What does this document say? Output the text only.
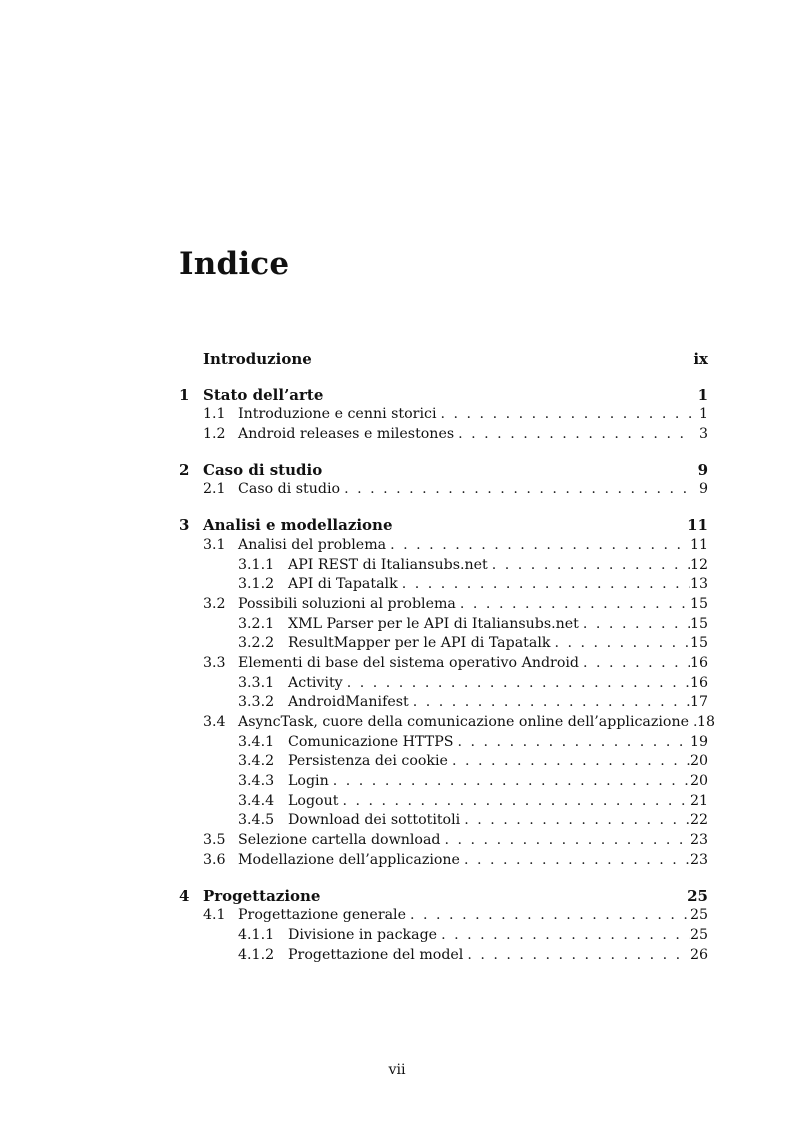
Indice
Introduzione	ix
1 Stato dell’arte	1
1.1 Introduzione e cenni storici . . .	1
1.2 Android releases e milestones . . .	3
2 Caso di studio	9
2.1 Caso di studio . . .	9
3 Analisi e modellazione	11
3.1 Analisi del problema . . .	11
3.1.1 API REST di Italiansubs.net . . .	12
3.1.2 API di Tapatalk . . .	13
3.2 Possibili soluzioni al problema . . .	15
3.2.1 XML Parser per le API di Italiansubs.net . . .	15
3.2.2 ResultMapper per le API di Tapatalk . . .	15
3.3 Elementi di base del sistema operativo Android . . .	16
3.3.1 Activity . . .	16
3.3.2 AndroidManifest . . .	17
3.4 AsyncTask, cuore della comunicazione online dell’applicazione . . . 18
3.4.1 Comunicazione HTTPS . . .	19
3.4.2 Persistenza dei cookie . . .	20
3.4.3 Login . . .	20
3.4.4 Logout . . .	21
3.4.5 Download dei sottotitoli . . .	22
3.5 Selezione cartella download . . .	23
3.6 Modellazione dell’applicazione . . .	23
4 Progettazione	25
4.1 Progettazione generale . . .	25
4.1.1 Divisione in package . . .	25
4.1.2 Progettazione del model . . .	26
vii
